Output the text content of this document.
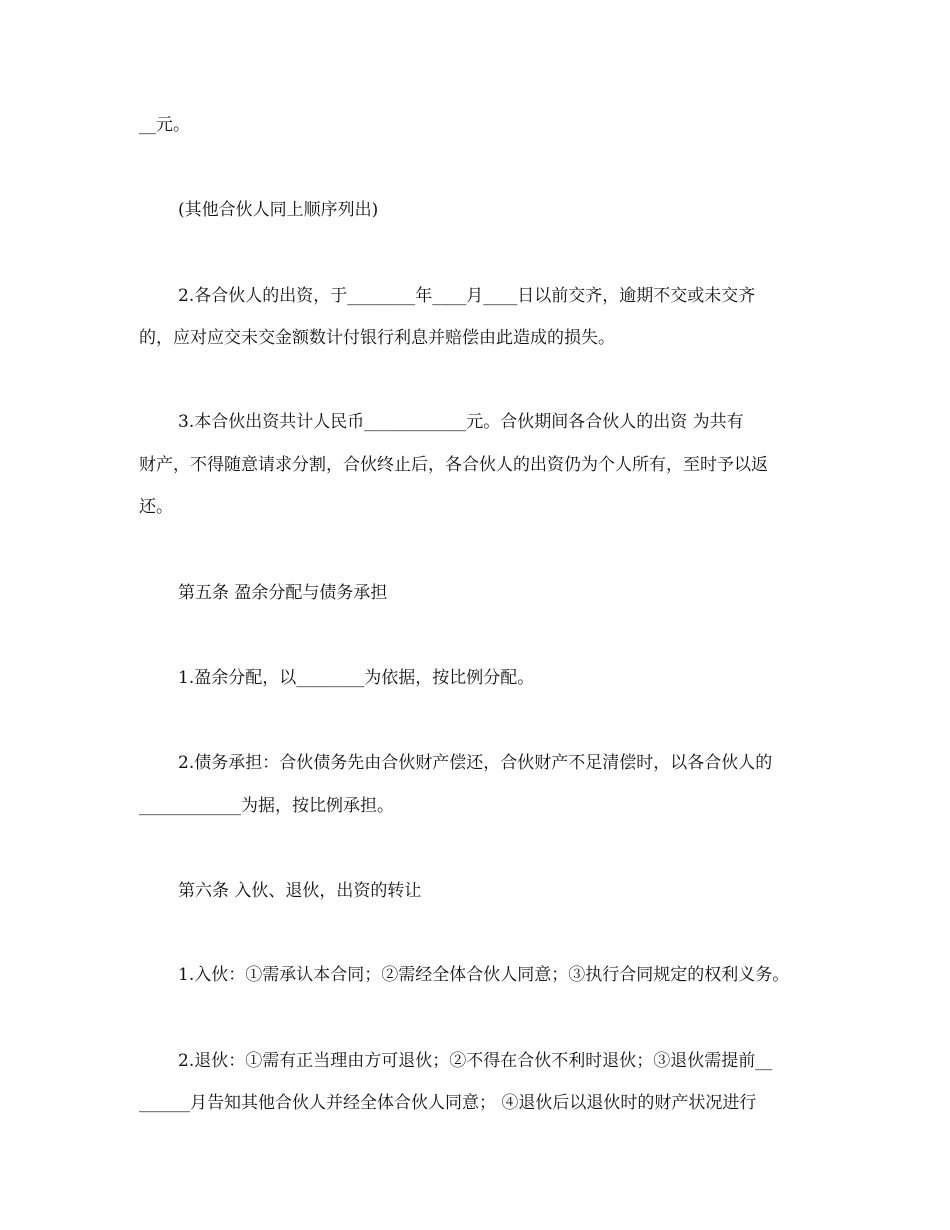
__元。

(其他合伙人同上顺序列出)

2.各合伙人的出资，于________年____月____日以前交齐，逾期不交或未交齐

的，应对应交未交金额数计付银行利息并赔偿由此造成的损失。

3.本合伙出资共计人民币____________元。合伙期间各合伙人的出资 为共有

财产，不得随意请求分割，合伙终止后，各合伙人的出资仍为个人所有，至时予以返

还。

第五条 盈余分配与债务承担

1.盈余分配，以________为依据，按比例分配。

2.债务承担：合伙债务先由合伙财产偿还，合伙财产不足清偿时，以各合伙人的

____________为据，按比例承担。

第六条 入伙、退伙，出资的转让

1.入伙：①需承认本合同；②需经全体合伙人同意；③执行合同规定的权利义务。

2.退伙：①需有正当理由方可退伙；②不得在合伙不利时退伙；③退伙需提前__

______月告知其他合伙人并经全体合伙人同意； ④退伙后以退伙时的财产状况进行
